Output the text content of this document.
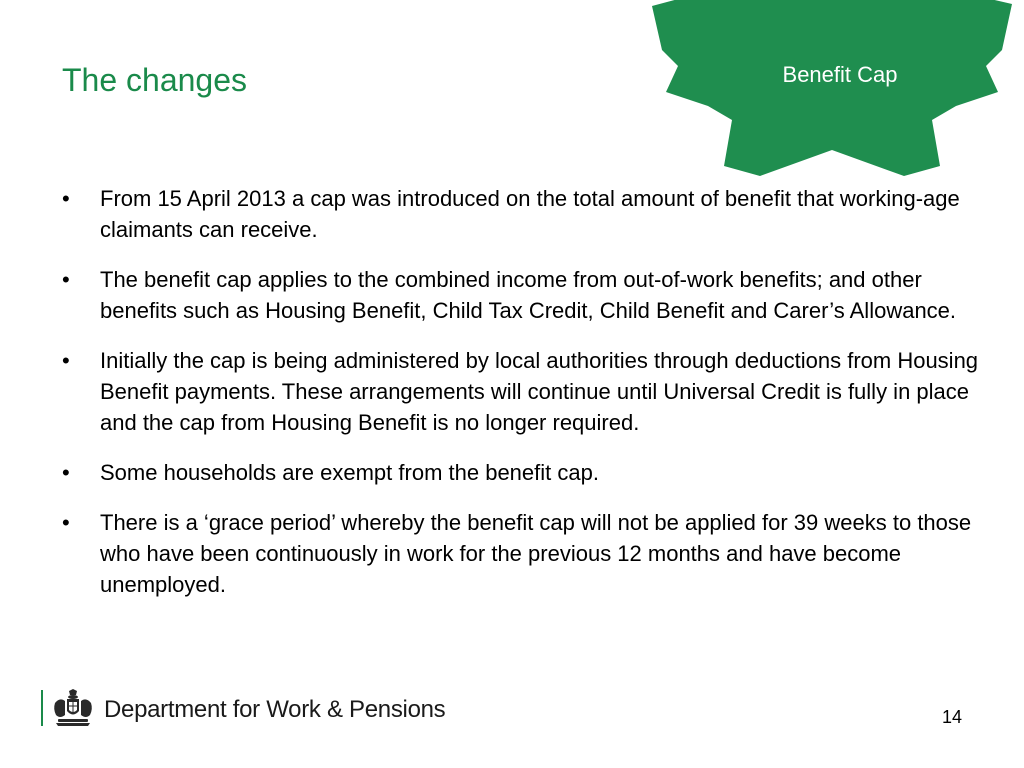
Benefit Cap
The changes
• From 15 April 2013 a cap was introduced on the total amount of benefit that working-age claimants can receive.
• The benefit cap applies to the combined income from out-of-work benefits; and other benefits such as Housing Benefit, Child Tax Credit, Child Benefit and Carer’s Allowance.
• Initially the cap is being administered by local authorities through deductions from Housing Benefit payments. These arrangements will continue until Universal Credit is fully in place and the cap from Housing Benefit is no longer required.
• Some households are exempt from the benefit cap.
• There is a ‘grace period’ whereby the benefit cap will not be applied for 39 weeks to those who have been continuously in work for the previous 12 months and have become unemployed.
Department for Work & Pensions	14
